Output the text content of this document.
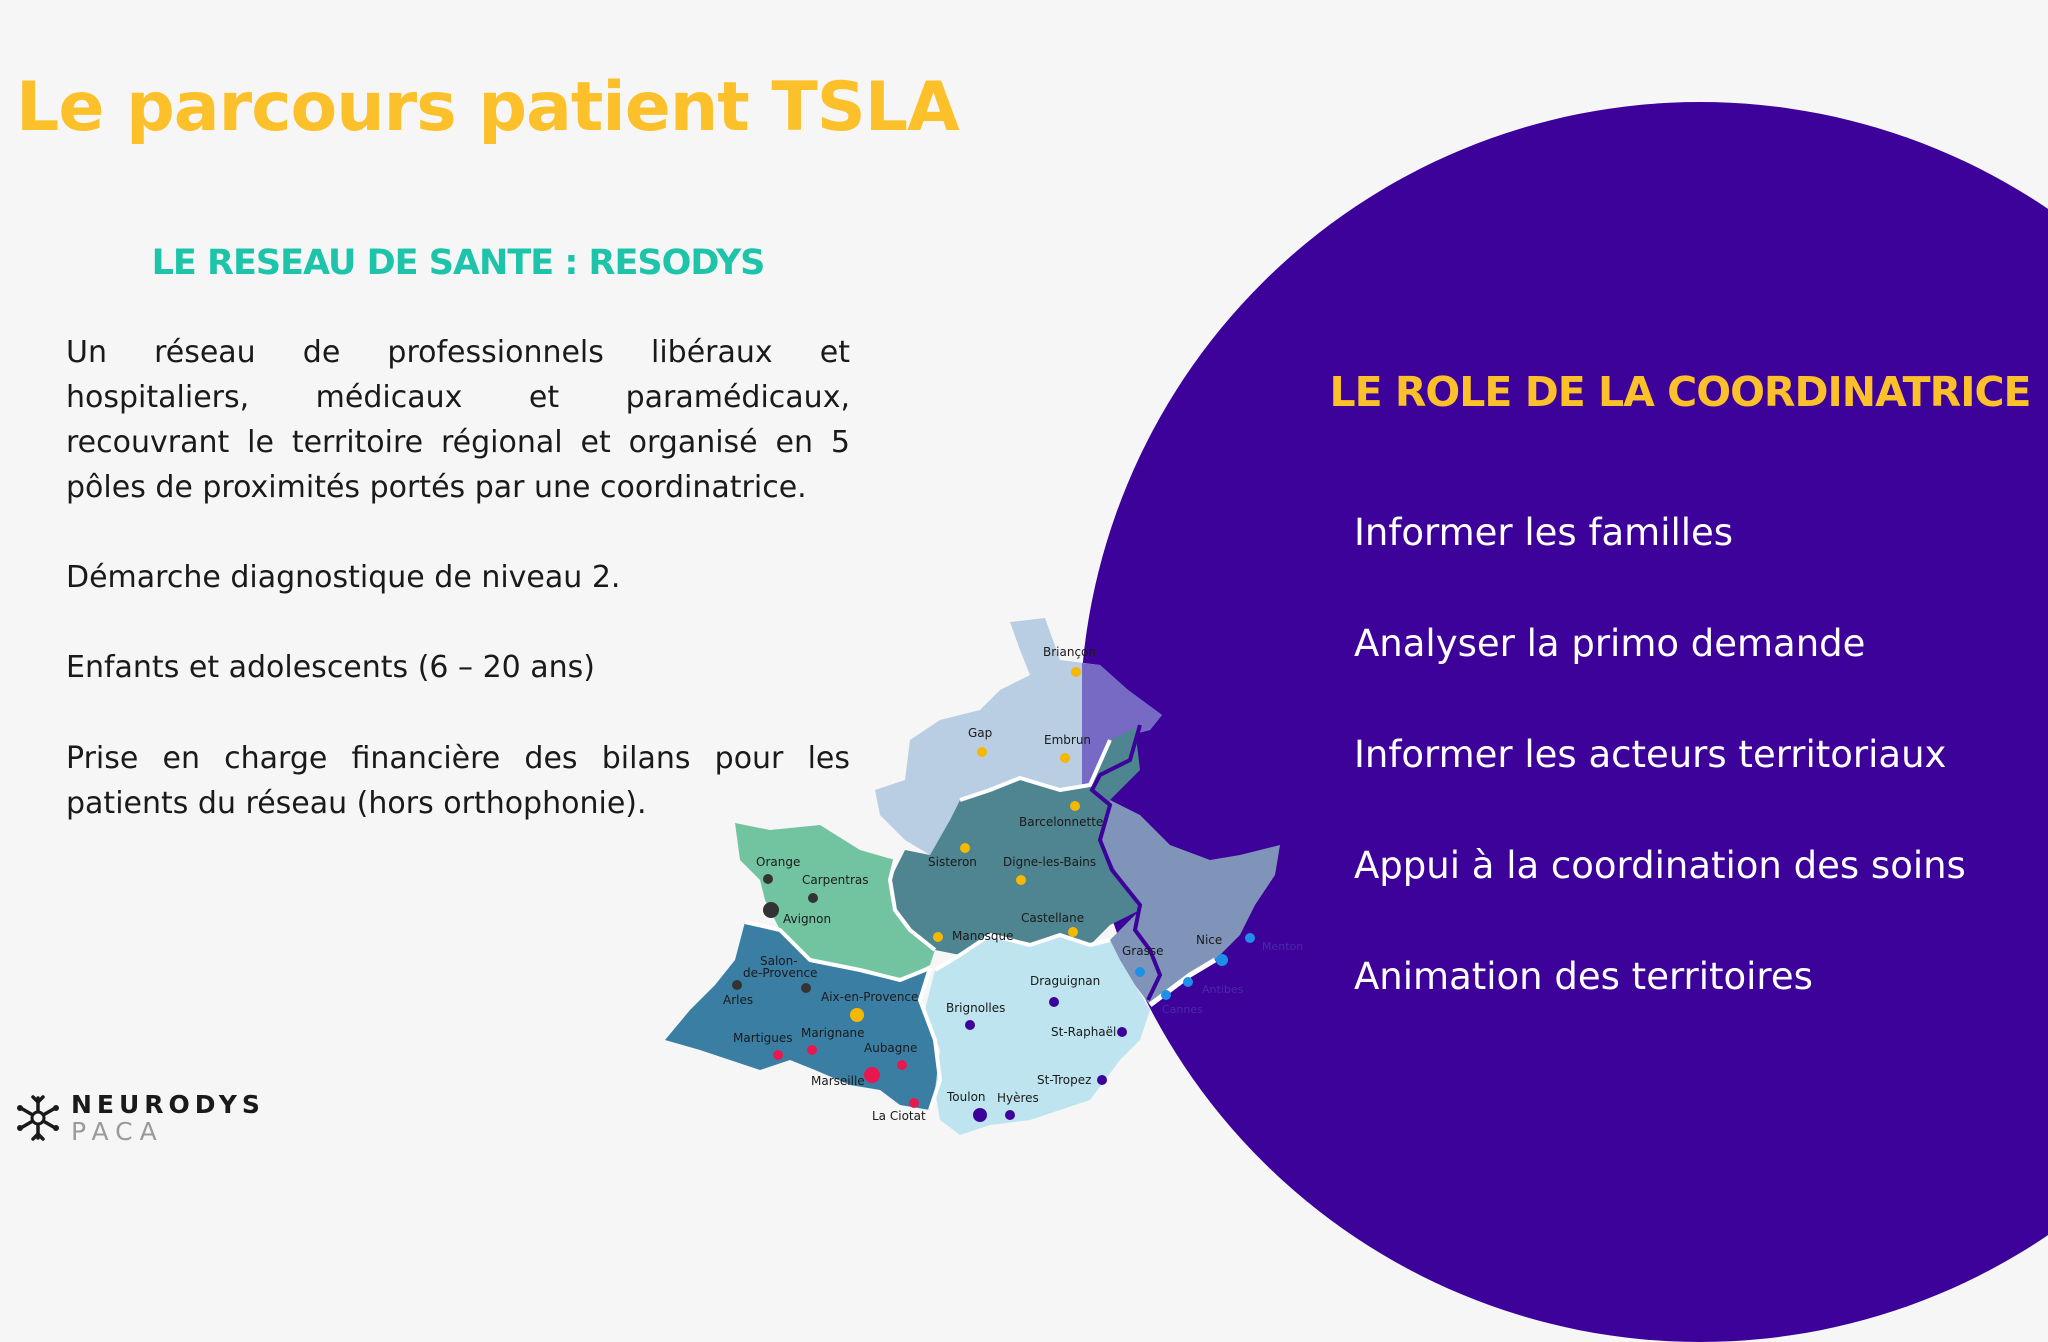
Le parcours patient TSLA
LE RESEAU DE SANTE : RESODYS

Un réseau de professionnels libéraux et hospitaliers, médicaux et paramédicaux, recouvrant le territoire régional et organisé en 5 pôles de proximités portés par une coordinatrice.

Démarche diagnostique de niveau 2.

Enfants et adolescents (6 – 20 ans)

Prise en charge financière des bilans pour les patients du réseau (hors orthophonie).

Briançon
Gap	Embrun
Barcelonnette
Sisteron Digne-les-Bains
Castellane
Manosque
Orange
Carpentras
Avignon
Salon-
de-Provence
Arles	Aix-en-Provence
Martigues Marignane
Aubagne
Marseille
La Ciotat
Toulon Hyères
Brignolles
Draguignan
St-Raphaël
St-Tropez
Grasse
Nice	Menton
Antibes
Cannes
LE ROLE DE LA COORDINATRICE
Informer les familles
Analyser la primo demande
Informer les acteurs territoriaux
Appui à la coordination des soins
Animation des territoires
NEURODYS
PACA
